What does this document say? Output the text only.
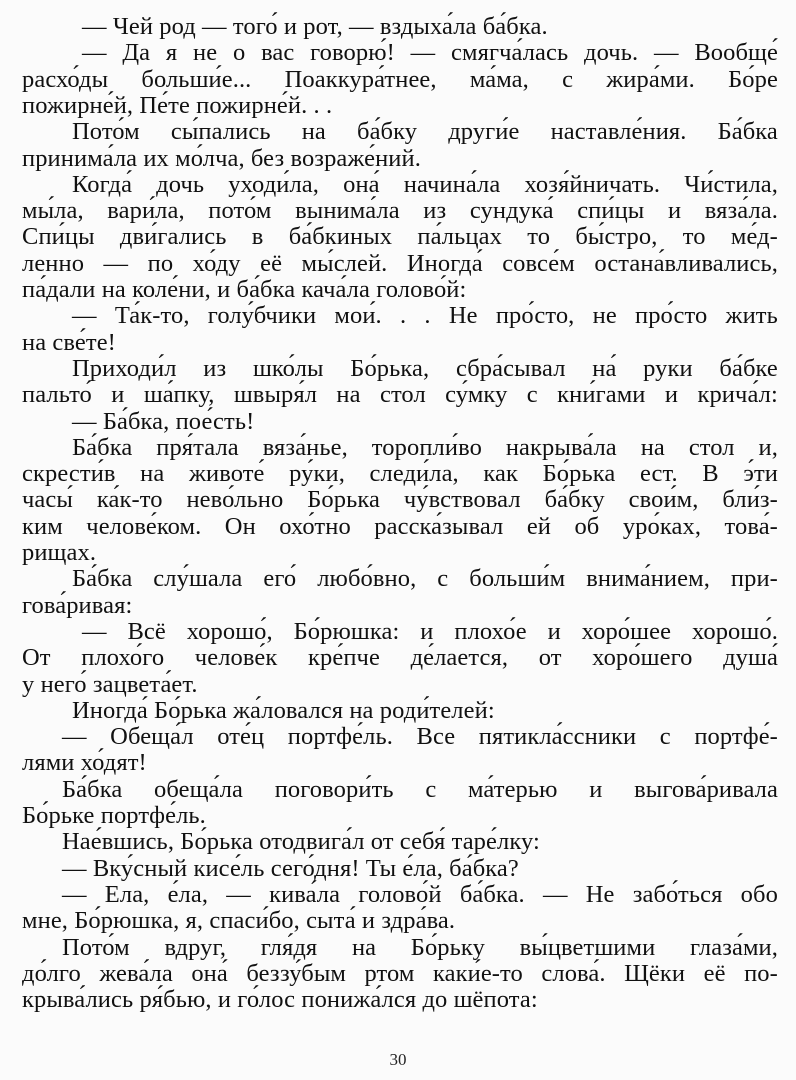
— Чей род — того́ и рот, — вздыха́ла ба́бка.
— Да я не о вас говорю́! — смягча́лась дочь. — Вообще́
расхо́ды больши́е... Поаккура́тнее, ма́ма, с жира́ми. Бо́ре
пожирне́й, Пе́те пожирне́й. . .
Пото́м сы́пались на ба́бку други́е наставле́ния. Ба́бка
принима́ла их мо́лча, без возраже́ний.
Когда́ дочь уходи́ла, она́ начина́ла хозя́йничать. Чи́стила,
мы́ла, вари́ла, пото́м вынима́ла из сундука́ спи́цы и вяза́ла.
Спи́цы дви́гались в ба́бкиных па́льцах то бы́стро, то ме́д-
ленно — по хо́ду её мы́слей. Иногда́ совсе́м остана́вливались,
па́дали на коле́ни, и ба́бка кача́ла голово́й:
— Та́к-то, голу́бчики мои́. . . Не про́сто, не про́сто жить
на све́те!
Приходи́л из шко́лы Бо́рька, сбра́сывал на́ руки ба́бке
пальто́ и ша́пку, швыря́л на стол су́мку с кни́гами и крича́л:
— Ба́бка, пое́сть!
Ба́бка пря́тала вяза́нье, торопли́во накрыва́ла на стол и,
скрести́в на животе́ ру́ки, следи́ла, как Бо́рька ест. В э́ти
часы́ ка́к-то нево́льно Бо́рька чу́вствовал ба́бку свои́м, бли́з-
ким челове́ком. Он охо́тно расска́зывал ей об уро́ках, това́-
рищах.
Ба́бка слу́шала его́ любо́вно, с больши́м внима́нием, при-
гова́ривая:
— Всё хорошо́, Бо́рюшка: и плохо́е и хоро́шее хорошо́.
От плохо́го челове́к кре́пче де́лается, от хоро́шего душа́
у него́ зацвета́ет.
Иногда́ Бо́рька жа́ловался на роди́телей:
— Обеща́л оте́ц портфе́ль. Все пятикла́ссники с портфе́-
лями хо́дят!
Ба́бка обеща́ла поговори́ть с ма́терью и выгова́ривала
Бо́рьке портфе́ль.
Нае́вшись, Бо́рька отодвига́л от себя́ таре́лку:
— Вку́сный кисе́ль сего́дня! Ты е́ла, ба́бка?
— Ела, е́ла, — кива́ла голово́й ба́бка. — Не забо́ться обо
мне, Бо́рюшка, я, спаси́бо, сыта́ и здра́ва.
Пото́м вдруг, гля́дя на Бо́рьку вы́цветшими глаза́ми,
до́лго жева́ла она́ беззу́бым ртом каки́е-то слова́. Щёки её по-
крыва́лись ря́бью, и го́лос понижа́лся до шёпота:
30
